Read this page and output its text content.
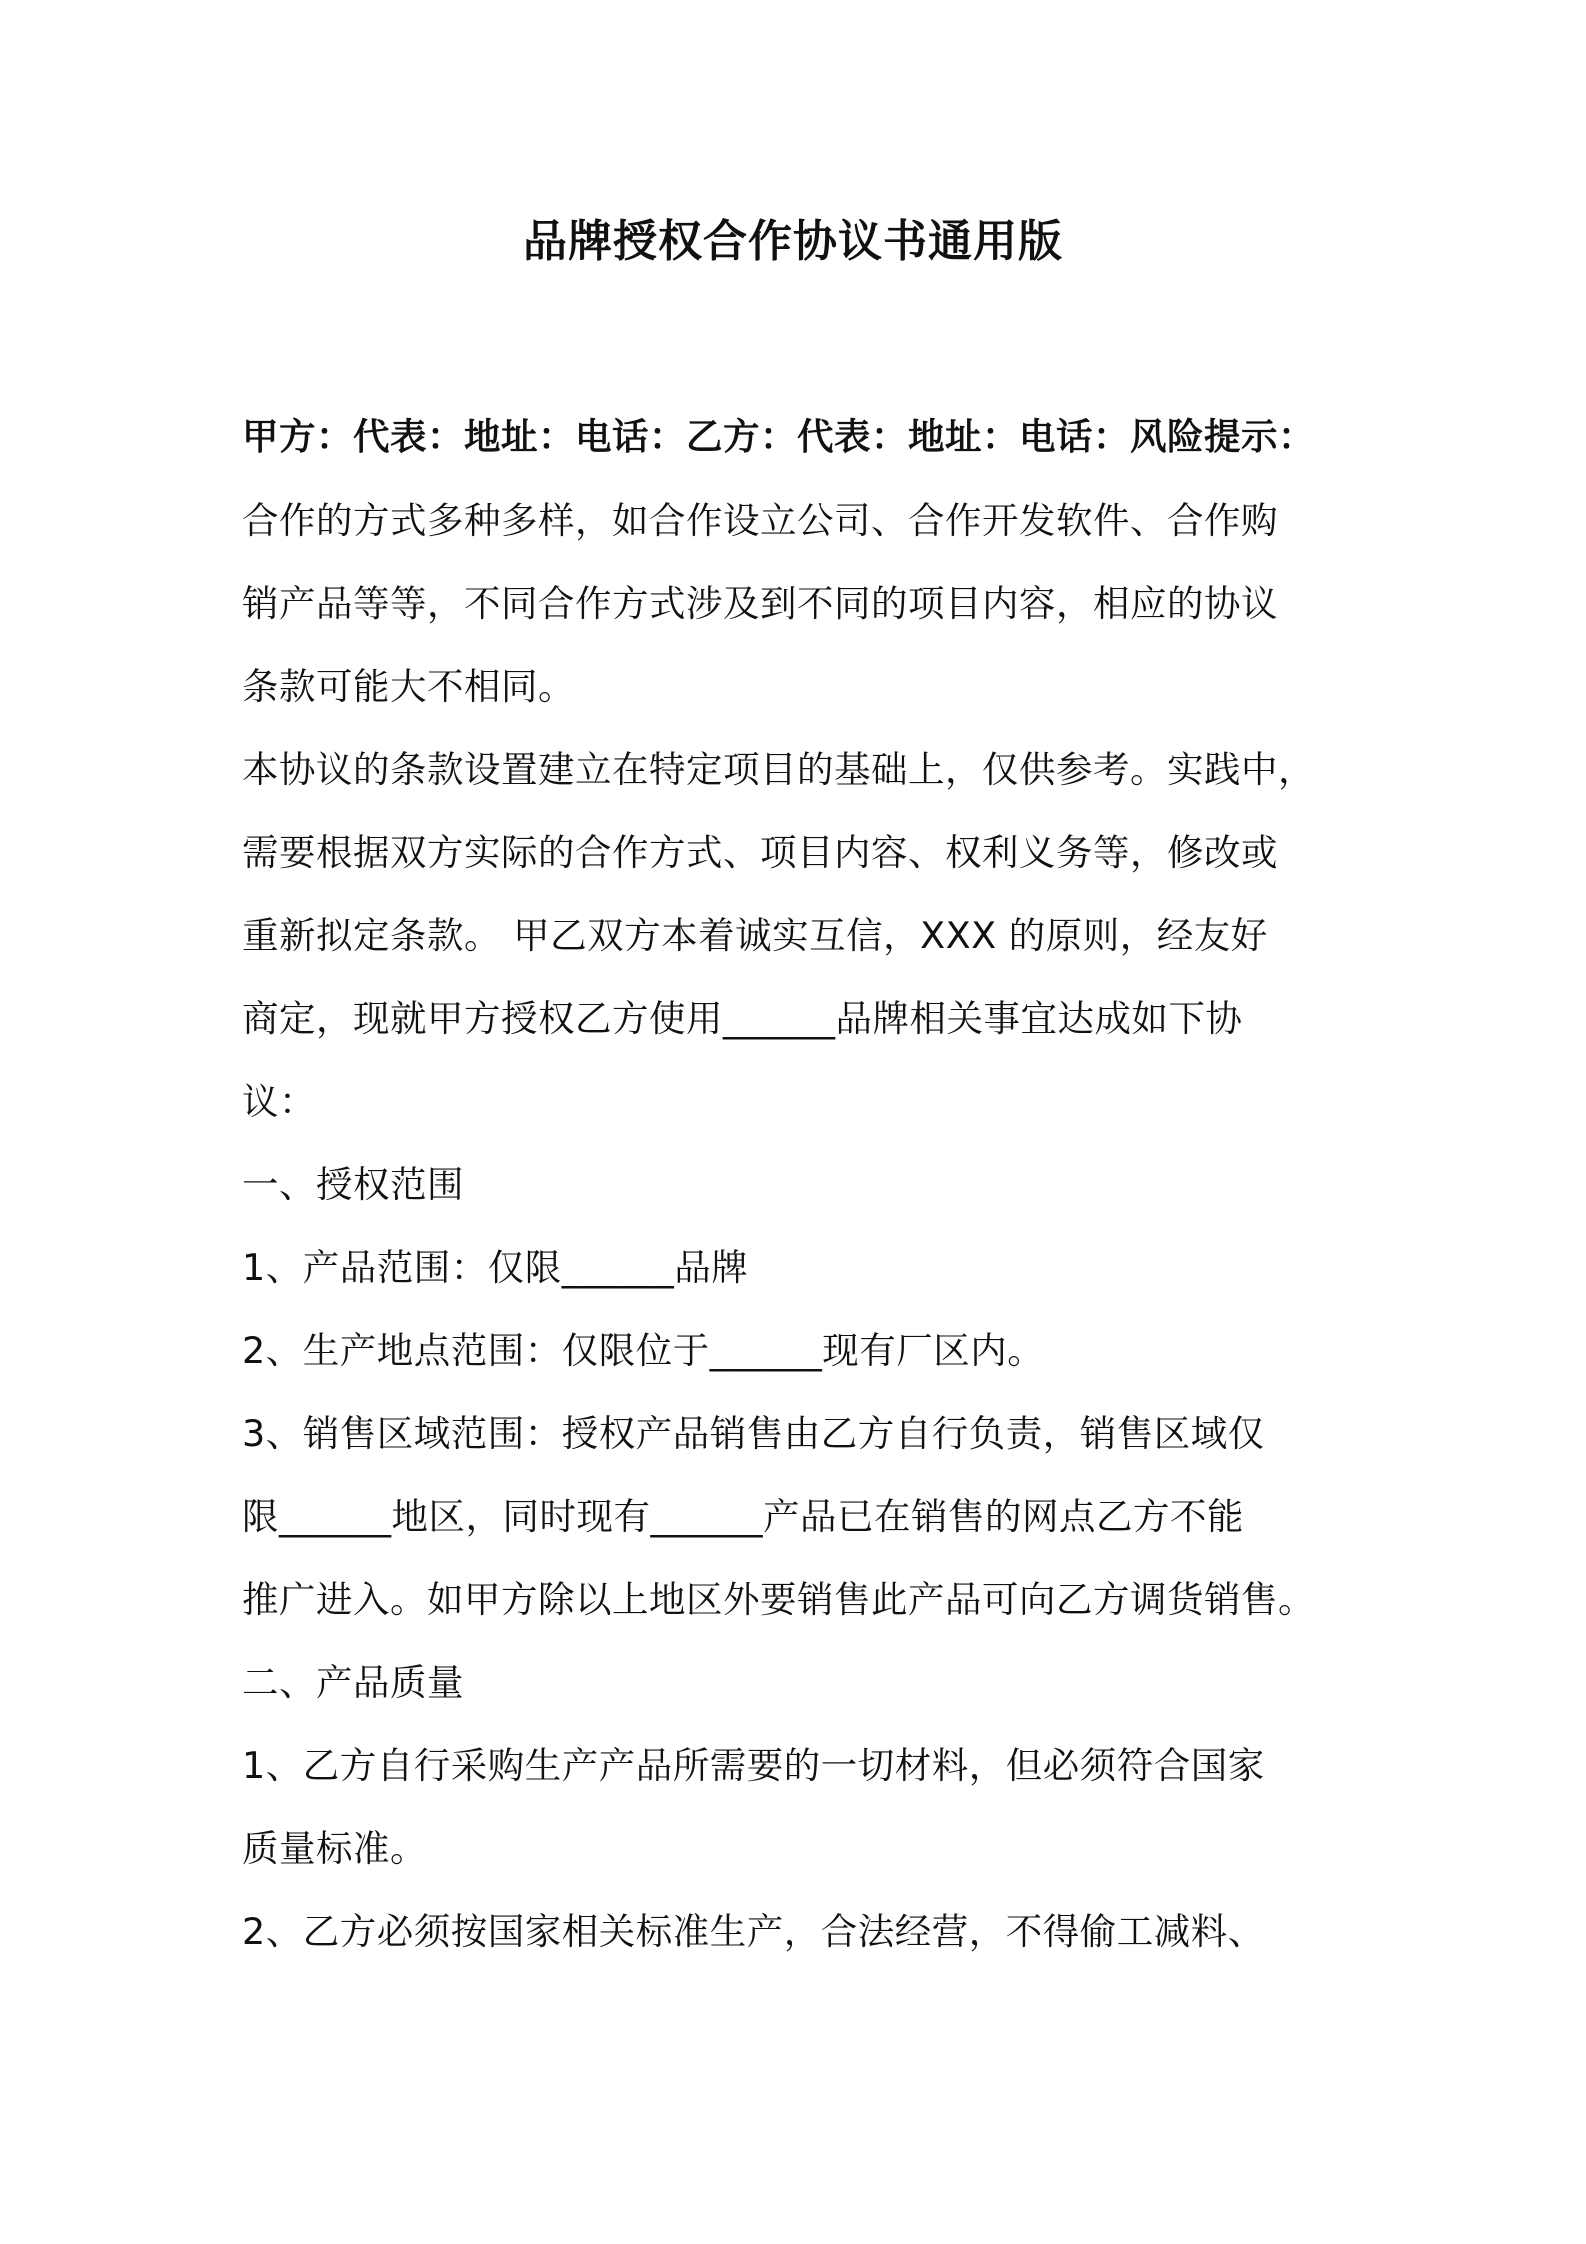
品牌授权合作协议书通用版
甲方：代表：地址：电话：乙方：代表：地址：电话：风险提示：
合作的方式多种多样，如合作设立公司、合作开发软件、合作购
销产品等等，不同合作方式涉及到不同的项目内容，相应的协议
条款可能大不相同。
本协议的条款设置建立在特定项目的基础上，仅供参考。实践中，
需要根据双方实际的合作方式、项目内容、权利义务等，修改或
重新拟定条款。 甲乙双方本着诚实互信，XXX 的原则，经友好
商定，现就甲方授权乙方使用______品牌相关事宜达成如下协
议：
一、授权范围
1、产品范围：仅限______品牌
2、生产地点范围：仅限位于______现有厂区内。
3、销售区域范围：授权产品销售由乙方自行负责，销售区域仅
限______地区，同时现有______产品已在销售的网点乙方不能
推广进入。如甲方除以上地区外要销售此产品可向乙方调货销售。
二、产品质量
1、乙方自行采购生产产品所需要的一切材料，但必须符合国家
质量标准。
2、乙方必须按国家相关标准生产，合法经营，不得偷工减料、
